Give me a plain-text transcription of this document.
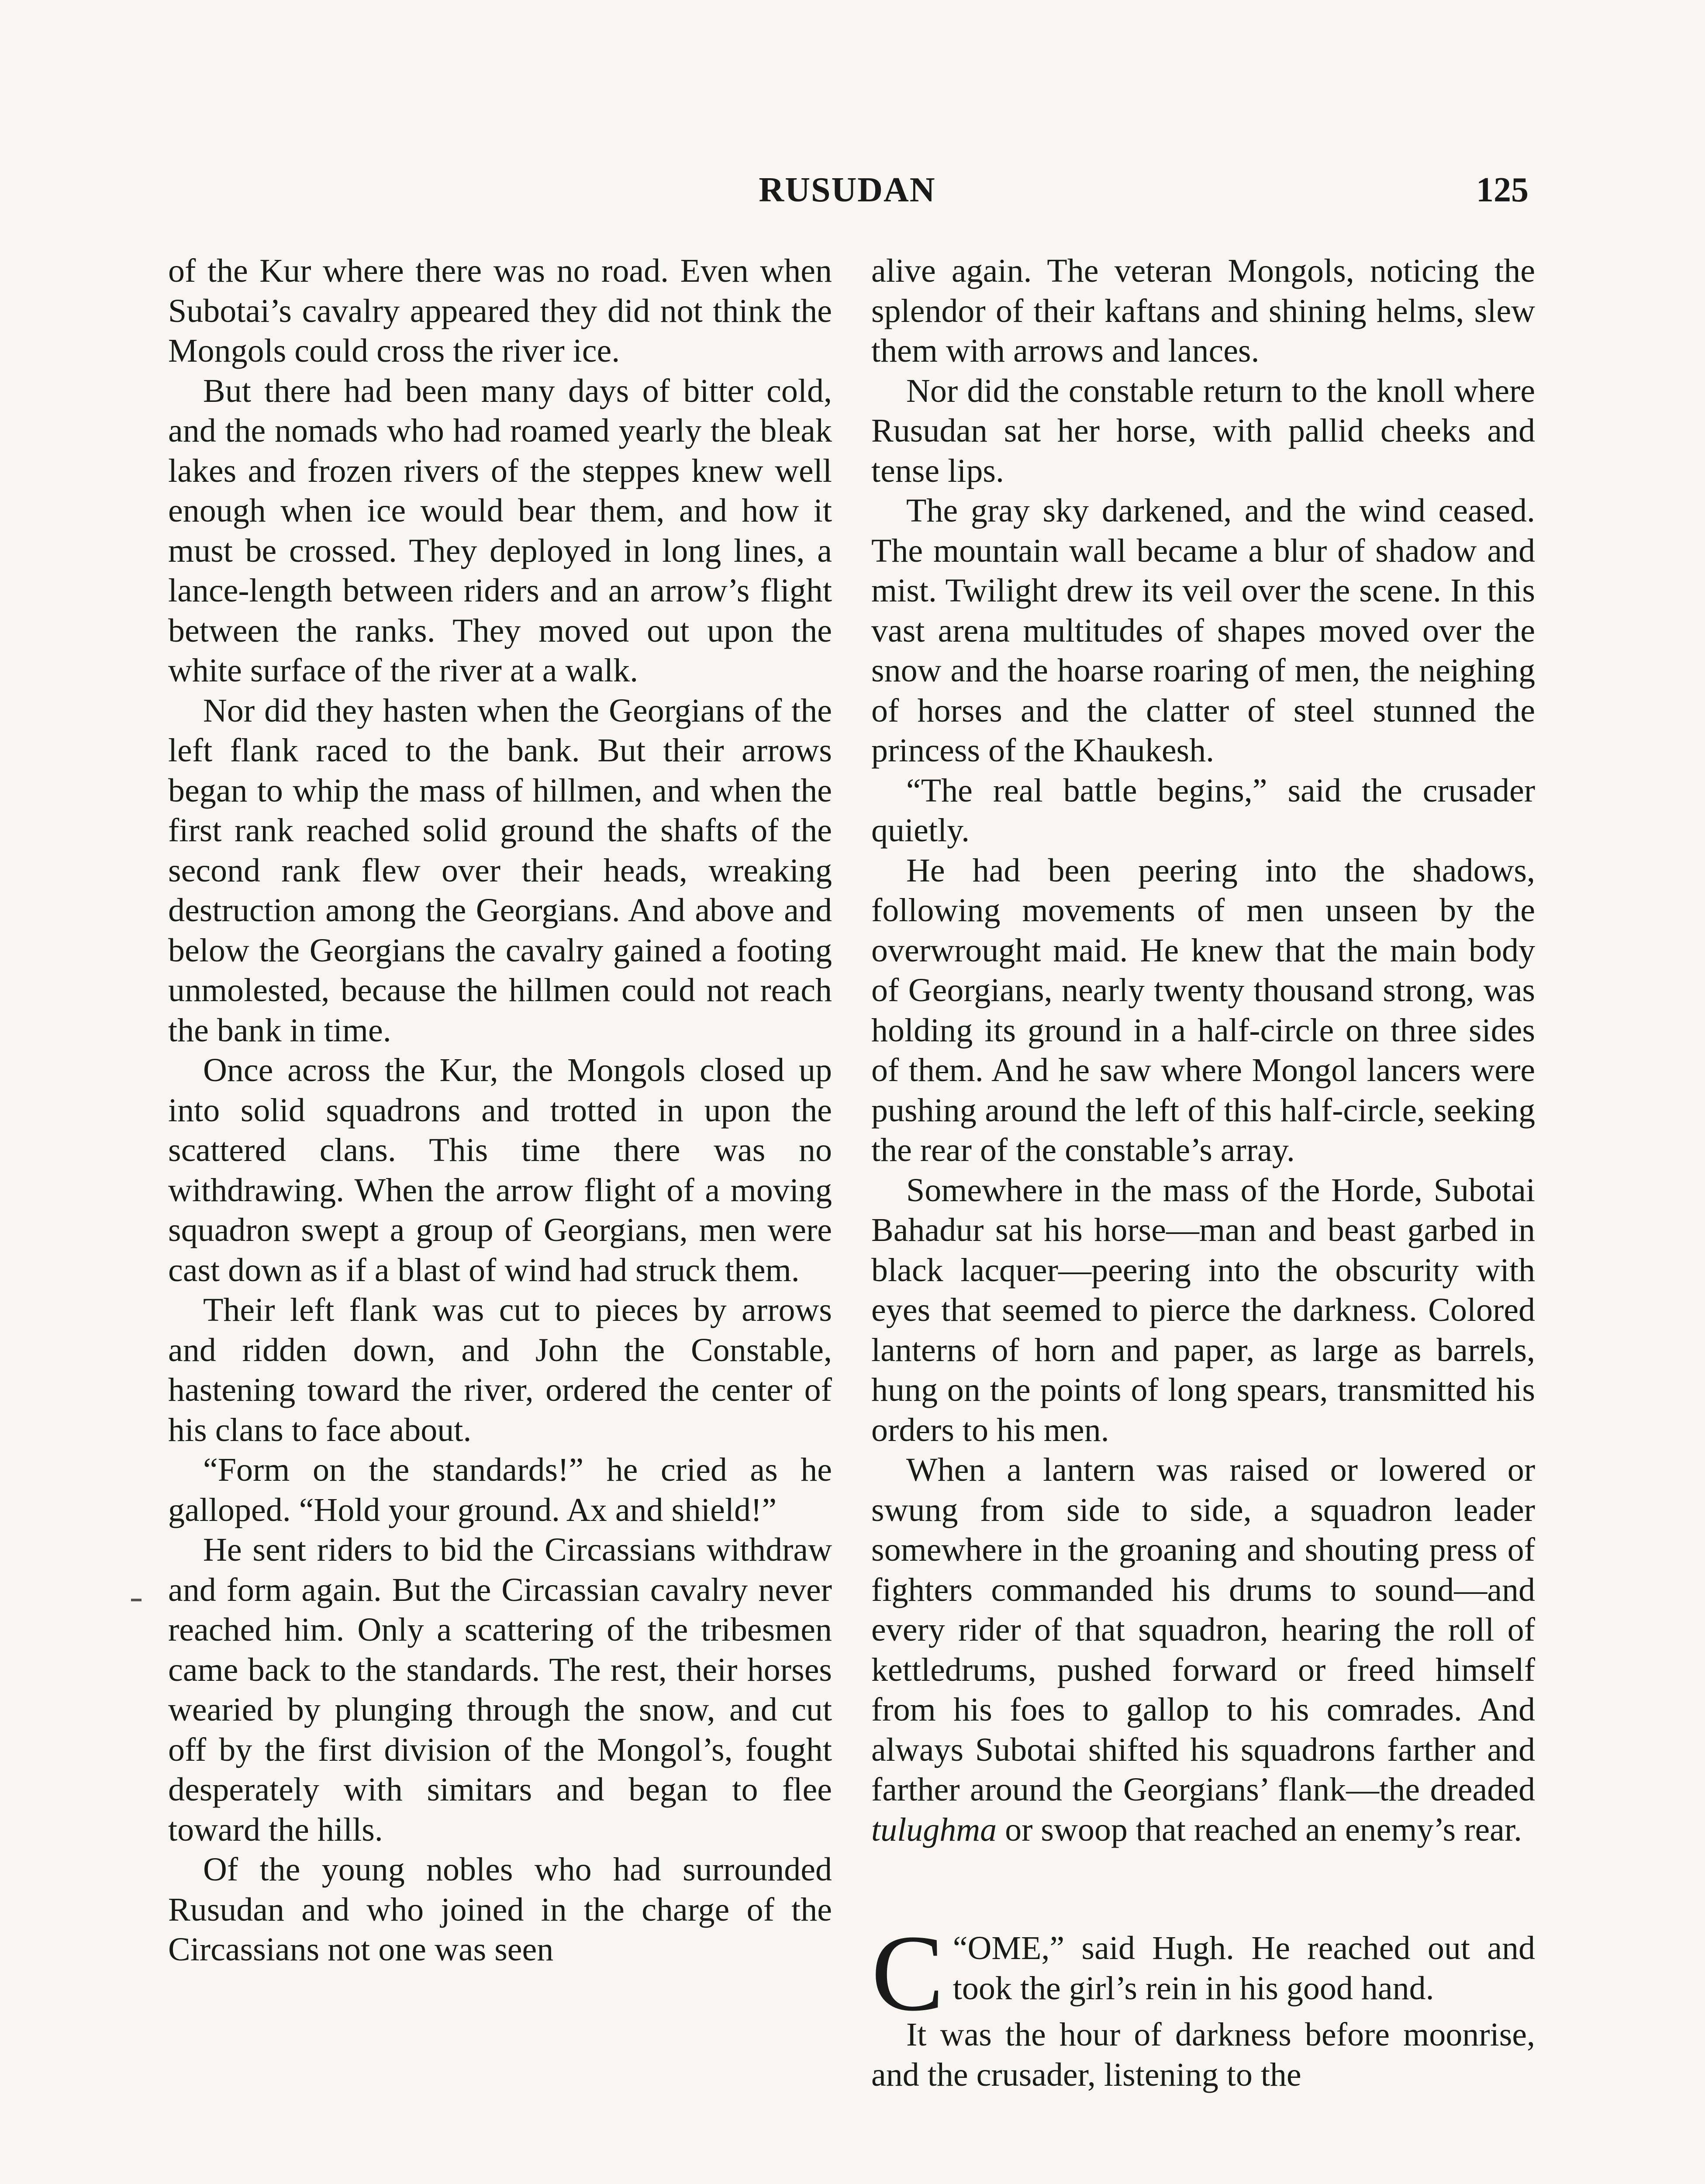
RUSUDAN	125

of the Kur where there was no road. Even when Subotai’s cavalry appeared they did not think the Mongols could cross the river ice.

But there had been many days of bitter cold, and the nomads who had roamed yearly the bleak lakes and frozen rivers of the steppes knew well enough when ice would bear them, and how it must be crossed. They deployed in long lines, a lance-length between riders and an arrow’s flight between the ranks. They moved out upon the white surface of the river at a walk.

Nor did they hasten when the Georgians of the left flank raced to the bank. But their arrows began to whip the mass of hillmen, and when the first rank reached solid ground the shafts of the second rank flew over their heads, wreaking destruction among the Georgians. And above and below the Georgians the cavalry gained a footing unmolested, because the hillmen could not reach the bank in time.

Once across the Kur, the Mongols closed up into solid squadrons and trotted in upon the scattered clans. This time there was no withdrawing. When the arrow flight of a moving squadron swept a group of Georgians, men were cast down as if a blast of wind had struck them.

Their left flank was cut to pieces by arrows and ridden down, and John the Constable, hastening toward the river, ordered the center of his clans to face about.

“Form on the standards!” he cried as he galloped. “Hold your ground. Ax and shield!”

He sent riders to bid the Circassians withdraw and form again. But the Circassian cavalry never reached him. Only a scattering of the tribesmen came back to the standards. The rest, their horses wearied by plunging through the snow, and cut off by the first division of the Mongol’s, fought desperately with simitars and began to flee toward the hills.

Of the young nobles who had surrounded Rusudan and who joined in the charge of the Circassians not one was seen

alive again. The veteran Mongols, noticing the splendor of their kaftans and shining helms, slew them with arrows and lances.

Nor did the constable return to the knoll where Rusudan sat her horse, with pallid cheeks and tense lips.

The gray sky darkened, and the wind ceased. The mountain wall became a blur of shadow and mist. Twilight drew its veil over the scene. In this vast arena multitudes of shapes moved over the snow and the hoarse roaring of men, the neighing of horses and the clatter of steel stunned the princess of the Khaukesh.

“The real battle begins,” said the crusader quietly.

He had been peering into the shadows, following movements of men unseen by the overwrought maid. He knew that the main body of Georgians, nearly twenty thousand strong, was holding its ground in a half-circle on three sides of them. And he saw where Mongol lancers were pushing around the left of this half-circle, seeking the rear of the constable’s array.

Somewhere in the mass of the Horde, Subotai Bahadur sat his horse—man and beast garbed in black lacquer—peering into the obscurity with eyes that seemed to pierce the darkness. Colored lanterns of horn and paper, as large as barrels, hung on the points of long spears, transmitted his orders to his men.

When a lantern was raised or lowered or swung from side to side, a squadron leader somewhere in the groaning and shouting press of fighters commanded his drums to sound—and every rider of that squadron, hearing the roll of kettledrums, pushed forward or freed himself from his foes to gallop to his comrades. And always Subotai shifted his squadrons farther and farther around the Georgians’ flank—the dreaded tulughma or swoop that reached an enemy’s rear.

“
C OME,” said Hugh. He reached out and took the girl’s rein in his good hand.

It was the hour of darkness before moonrise, and the crusader, listening to the
